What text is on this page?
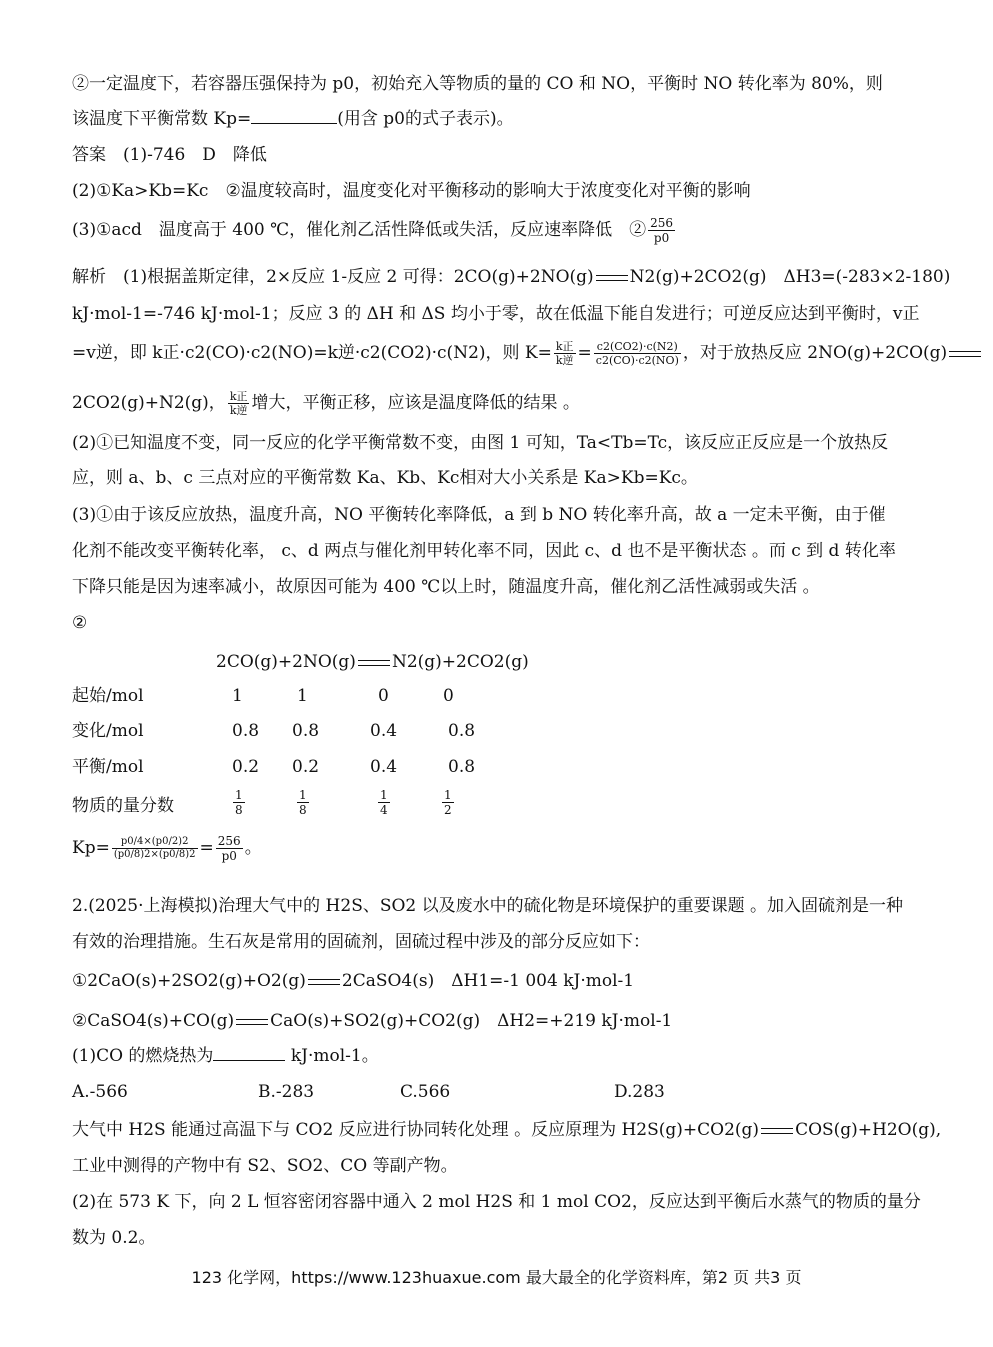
②一定温度下，若容器压强保持为 p0，初始充入等物质的量的 CO 和 NO，平衡时 NO 转化率为 80%，则
该温度下平衡常数 Kp=	(用含 p0的式子表示)。
答案　(1)-746　D　降低
(2)①Ka>Kb=Kc　②温度较高时，温度变化对平衡移动的影响大于浓度变化对平衡的影响
(3)①acd　温度高于 400 ℃，催化剂乙活性降低或失活，反应速率降低　② $\frac{256}{p0}$
解析　(1)根据盖斯定律，2×反应 1-反应 2 可得：2CO(g)+2NO(g) N2(g)+2CO2(g)　ΔH3=(-283×2-180)
kJ·mol-1=-746 kJ·mol-1；反应 3 的 ΔH 和 ΔS 均小于零，故在低温下能自发进行；可逆反应达到平衡时，v正
=v逆，即 k正·c2(CO)·c2(NO)=k逆·c2(CO2)·c(N2)，则 K= k正
k逆 = $\frac{c2(CO2)\cdot c(N2)}{c2(CO)\cdot c2(NO)}$ ，对于放热反应 2NO(g)+2CO(g)
2CO2(g)+N2(g)， k正
k逆 增大，平衡正移，应该是温度降低的结果 。
(2)①已知温度不变，同一反应的化学平衡常数不变，由图 1 可知，Ta<Tb=Tc，该反应正反应是一个放热反
应，则 a、b、c 三点对应的平衡常数 Ka、Kb、Kc相对大小关系是 Ka>Kb=Kc。
(3)①由于该反应放热，温度升高，NO 平衡转化率降低，a 到 b NO 转化率升高，故 a 一定未平衡，由于催
化剂不能改变平衡转化率， c、d 两点与催化剂甲转化率不同，因此 c、d 也不是平衡状态 。而 c 到 d 转化率
下降只能是因为速率减小，故原因可能为 400 ℃以上时，随温度升高，催化剂乙活性减弱或失活 。
②
2CO(g)+2NO(g) N2(g)+2CO2(g)
起始/mol	1	1	0	0
变化/mol	0.8 0.8	0.4	0.8
平衡/mol	0.2 0.2	0.4	0.8
物质的量分数	$\frac{1}{8}$	$\frac{1}{8}$	$\frac{1}{4}$	$\frac{1}{2}$
$Kp= \frac{p0/4\times(p0/2)2}{(p0/8)2\times(p0/8)2} = \frac{256}{p0}$ 。
2.(2025·上海模拟)治理大气中的 H2S、SO2 以及废水中的硫化物是环境保护的重要课题 。加入固硫剂是一种
有效的治理措施。生石灰是常用的固硫剂，固硫过程中涉及的部分反应如下：
①2CaO(s)+2SO2(g)+O2(g) 2CaSO4(s)　ΔH1=-1 004 kJ·mol-1
②CaSO4(s)+CO(g) CaO(s)+SO2(g)+CO2(g)　ΔH2=+219 kJ·mol-1
(1)CO 的燃烧热为	kJ·mol-1。
A.-566	B.-283	C.566	D.283
大气中 H2S 能通过高温下与 CO2 反应进行协同转化处理 。反应原理为 H2S(g)+CO2(g) COS(g)+H2O(g),
工业中测得的产物中有 S2、SO2、CO 等副产物。
(2)在 573 K 下，向 2 L 恒容密闭容器中通入 2 mol H2S 和 1 mol CO2，反应达到平衡后水蒸气的物质的量分
数为 0.2。
123 化学网，https://www.123huaxue.com 最大最全的化学资料库，第2 页 共3 页
